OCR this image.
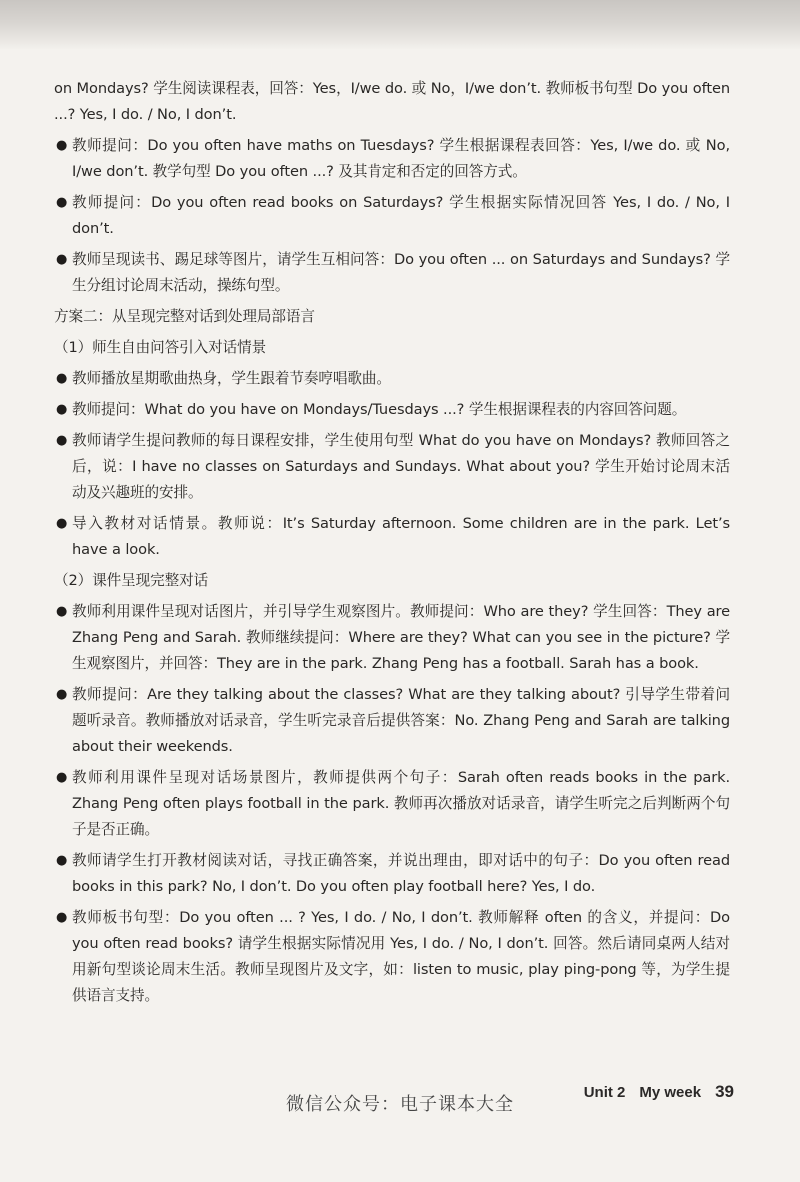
on Mondays? 学生阅读课程表，回答：Yes，I/we do. 或 No，I/we don’t. 教师板书句型 Do you often ...? Yes, I do. / No, I don’t.

● 教师提问：Do you often have maths on Tuesdays? 学生根据课程表回答：Yes, I/we do. 或 No, I/we don’t. 教学句型 Do you often ...? 及其肯定和否定的回答方式。
● 教师提问：Do you often read books on Saturdays? 学生根据实际情况回答 Yes, I do. / No, I don’t.
● 教师呈现读书、踢足球等图片，请学生互相问答：Do you often ... on Saturdays and Sundays? 学生分组讨论周末活动，操练句型。

方案二：从呈现完整对话到处理局部语言

（1）师生自由问答引入对话情景

● 教师播放星期歌曲热身，学生跟着节奏哼唱歌曲。
● 教师提问：What do you have on Mondays/Tuesdays ...? 学生根据课程表的内容回答问题。
● 教师请学生提问教师的每日课程安排，学生使用句型 What do you have on Mondays? 教师回答之后，说：I have no classes on Saturdays and Sundays. What about you? 学生开始讨论周末活动及兴趣班的安排。
● 导入教材对话情景。教师说：It’s Saturday afternoon. Some children are in the park. Let’s have a look.

（2）课件呈现完整对话

● 教师利用课件呈现对话图片，并引导学生观察图片。教师提问：Who are they? 学生回答：They are Zhang Peng and Sarah. 教师继续提问：Where are they? What can you see in the picture? 学生观察图片，并回答：They are in the park. Zhang Peng has a football. Sarah has a book.
● 教师提问：Are they talking about the classes? What are they talking about? 引导学生带着问题听录音。教师播放对话录音，学生听完录音后提供答案：No. Zhang Peng and Sarah are talking about their weekends.
● 教师利用课件呈现对话场景图片，教师提供两个句子：Sarah often reads books in the park. Zhang Peng often plays football in the park. 教师再次播放对话录音，请学生听完之后判断两个句子是否正确。
● 教师请学生打开教材阅读对话，寻找正确答案，并说出理由，即对话中的句子：Do you often read books in this park? No, I don’t. Do you often play football here? Yes, I do.
● 教师板书句型：Do you often ... ? Yes, I do. / No, I don’t. 教师解释 often 的含义，并提问：Do you often read books? 请学生根据实际情况用 Yes, I do. / No, I don’t. 回答。然后请同桌两人结对用新句型谈论周末生活。教师呈现图片及文字，如：listen to music, play ping-pong 等，为学生提供语言支持。
Unit 2 My week 39
微信公众号：电子课本大全
